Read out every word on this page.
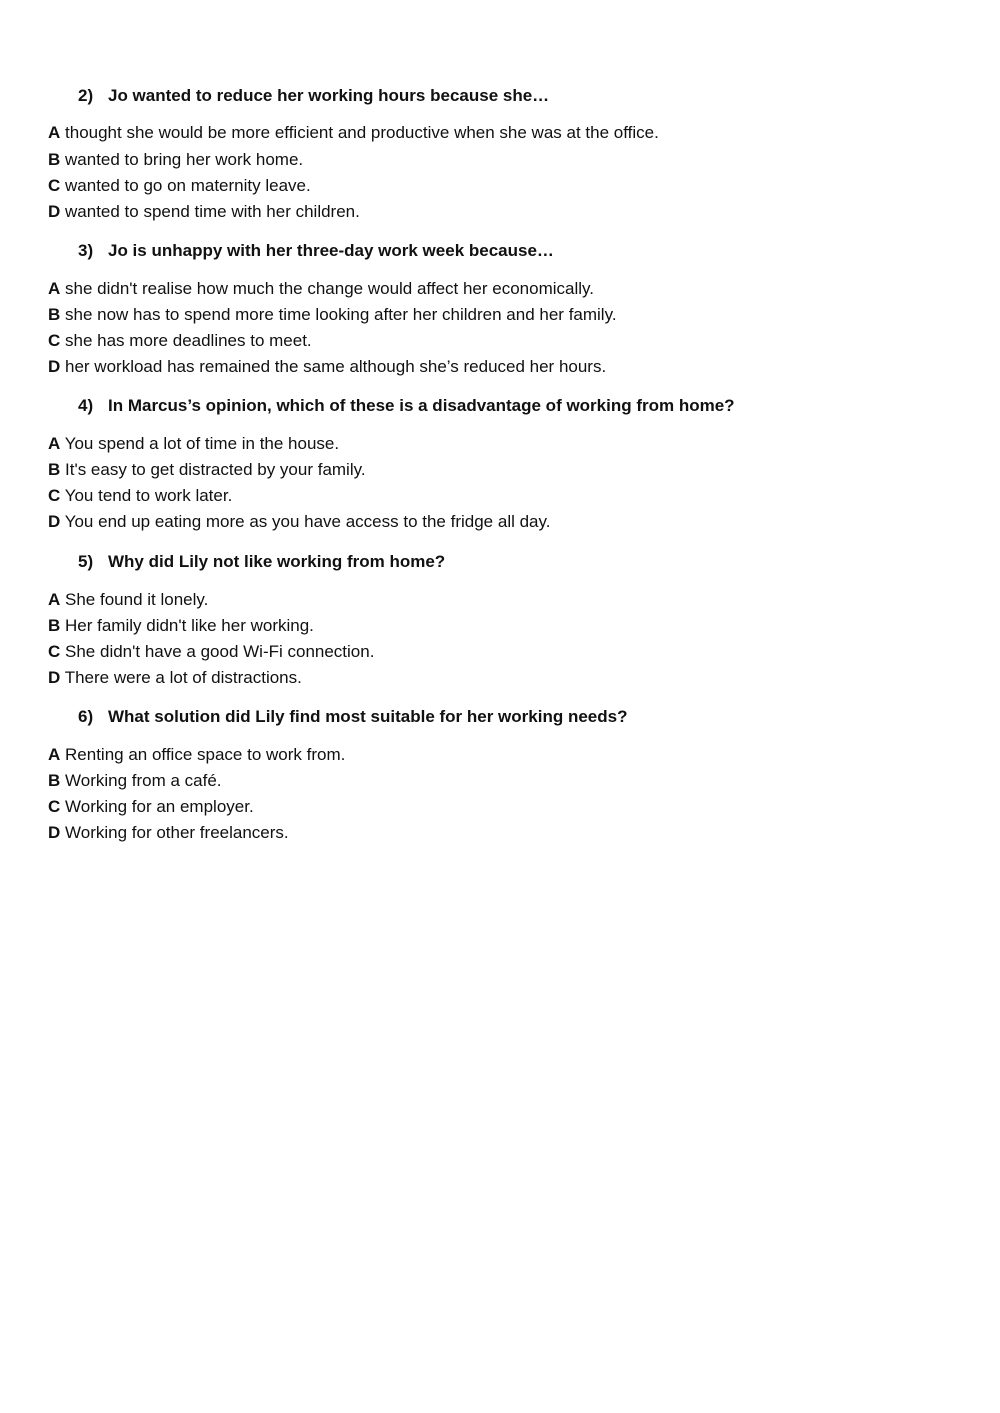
2) Jo wanted to reduce her working hours because she…
A thought she would be more efficient and productive when she was at the office.
B wanted to bring her work home.
C wanted to go on maternity leave.
D wanted to spend time with her children.
3) Jo is unhappy with her three-day work week because…
A she didn't realise how much the change would affect her economically.
B she now has to spend more time looking after her children and her family.
C she has more deadlines to meet.
D her workload has remained the same although she’s reduced her hours.
4) In Marcus’s opinion, which of these is a disadvantage of working from home?
A You spend a lot of time in the house.
B It's easy to get distracted by your family.
C You tend to work later.
D You end up eating more as you have access to the fridge all day.
5) Why did Lily not like working from home?
A She found it lonely.
B Her family didn't like her working.
C She didn't have a good Wi-Fi connection.
D There were a lot of distractions.
6) What solution did Lily find most suitable for her working needs?
A Renting an office space to work from.
B Working from a café.
C Working for an employer.
D Working for other freelancers.
